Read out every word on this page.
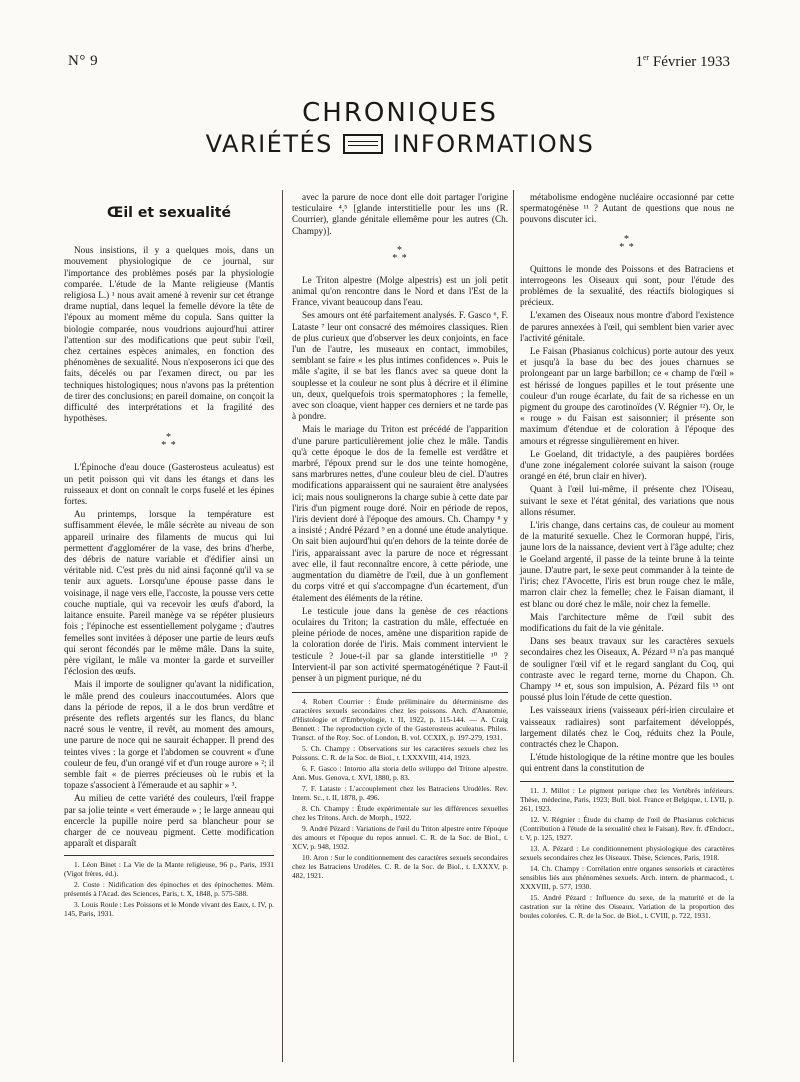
N° 9	1er Février 1933
CHRONIQUES
VARIÉTÉS	INFORMATIONS
Œil et sexualité

Nous insistions, il y a quelques mois, dans un mouvement physiologique de ce journal, sur l'importance des problèmes posés par la physiologie comparée. L'étude de la Mante religieuse (Mantis religiosa L.) ¹ nous avait amené à revenir sur cet étrange drame nuptial, dans lequel la femelle dévore la tête de l'époux au moment même du copula. Sans quitter la biologie comparée, nous voudrions aujourd'hui attirer l'attention sur des modifications que peut subir l'œil, chez certaines espèces animales, en fonction des phénomènes de sexualité. Nous n'exposerons ici que des faits, décelés ou par l'examen direct, ou par les techniques histologiques; nous n'avons pas la prétention de tirer des conclusions; en pareil domaine, on conçoit la difficulté des interprétations et la fragilité des hypothèses.

*
* *

L'Épinoche d'eau douce (Gasterosteus aculeatus) est un petit poisson qui vit dans les étangs et dans les ruisseaux et dont on connaît le corps fuselé et les épines fortes.

Au printemps, lorsque la température est suffisamment élevée, le mâle sécrète au niveau de son appareil urinaire des filaments de mucus qui lui permettent d'agglomérer de la vase, des brins d'herbe, des débris de nature variable et d'édifier ainsi un véritable nid. C'est près du nid ainsi façonné qu'il va se tenir aux aguets. Lorsqu'une épouse passe dans le voisinage, il nage vers elle, l'accoste, la pousse vers cette couche nuptiale, qui va recevoir les œufs d'abord, la laitance ensuite. Pareil manège va se répéter plusieurs fois ; l'épinoche est essentiellement polygame ; d'autres femelles sont invitées à déposer une partie de leurs œufs qui seront fécondés par le même mâle. Dans la suite, père vigilant, le mâle va monter la garde et surveiller l'éclosion des œufs.

Mais il importe de souligner qu'avant la nidification, le mâle prend des couleurs inaccoutumées. Alors que dans la période de repos, il a le dos brun verdâtre et présente des reflets argentés sur les flancs, du blanc nacré sous le ventre, il revêt, au moment des amours, une parure de noce qui ne saurait échapper. Il prend des teintes vives : la gorge et l'abdomen se couvrent « d'une couleur de feu, d'un orangé vif et d'un rouge aurore » ²; il semble fait « de pierres précieuses où le rubis et la topaze s'associent à l'émeraude et au saphir » ³.

Au milieu de cette variété des couleurs, l'œil frappe par sa jolie teinte « vert émeraude » ; le large anneau qui encercle la pupille noire perd sa blancheur pour se charger de ce nouveau pigment. Cette modification apparaît et disparaît

1. Léon Binet : La Vie de la Mante religieuse, 96 p., Paris, 1931 (Vigot frères, éd.).

2. Coste : Nidification des épinoches et des épinochettes. Mém. présentés à l'Acad. des Sciences, Paris, t. X, 1848, p. 575-588.

3. Louis Roule : Les Poissons et le Monde vivant des Eaux, t. IV, p. 145, Paris, 1931.

avec la parure de noce dont elle doit partager l'origine testiculaire ⁴,⁵ [glande interstitielle pour les uns (R. Courrier), glande génitale ellemême pour les autres (Ch. Champy)].

*
* *

Le Triton alpestre (Molge alpestris) est un joli petit animal qu'on rencontre dans le Nord et dans l'Est de la France, vivant beaucoup dans l'eau.

Ses amours ont été parfaitement analysés. F. Gasco ⁶, F. Lataste ⁷ leur ont consacré des mémoires classiques. Rien de plus curieux que d'observer les deux conjoints, en face l'un de l'autre, les museaux en contact, immobiles, semblant se faire « les plus intimes confidences ». Puis le mâle s'agite, il se bat les flancs avec sa queue dont la souplesse et la couleur ne sont plus à décrire et il élimine un, deux, quelquefois trois spermatophores ; la femelle, avec son cloaque, vient happer ces derniers et ne tarde pas à pondre.

Mais le mariage du Triton est précédé de l'apparition d'une parure particulièrement jolie chez le mâle. Tandis qu'à cette époque le dos de la femelle est verdâtre et marbré, l'époux prend sur le dos une teinte homogène, sans marbrures nettes, d'une couleur bleu de ciel. D'autres modifications apparaissent qui ne sauraient être analysées ici; mais nous soulignerons la charge subie à cette date par l'iris d'un pigment rouge doré. Noir en période de repos, l'iris devient doré à l'époque des amours. Ch. Champy ⁸ y a insisté ; André Pézard ⁹ en a donné une étude analytique. On sait bien aujourd'hui qu'en dehors de la teinte dorée de l'iris, apparaissant avec la parure de noce et régressant avec elle, il faut reconnaître encore, à cette période, une augmentation du diamètre de l'œil, due à un gonflement du corps vitré et qui s'accompagne d'un écartement, d'un étalement des éléments de la rétine.

Le testicule joue dans la genèse de ces réactions oculaires du Triton; la castration du mâle, effectuée en pleine période de noces, amène une disparition rapide de la coloration dorée de l'iris. Mais comment intervient le testicule ? Joue-t-il par sa glande interstitielle ¹⁰ ? Intervient-il par son activité spermatogénétique ? Faut-il penser à un pigment purique, né du

4. Robert Courrier : Étude préliminaire du déterminisme des caractères sexuels secondaires chez les poissons. Arch. d'Anatomie, d'Histologie et d'Embryologie, t. II, 1922, p. 115-144. — A. Craig Bennett : The reproduction cycle of the Gasterosteus aculeatus. Philos. Transct. of the Roy. Soc. of London, B. vol. CCXIX, p. 197-279, 1931.

5. Ch. Champy : Observations sur les caractères sexuels chez les Poissons. C. R. de la Soc. de Biol., t. LXXXVIII, 414, 1923.

6. F. Gasco : Intorno alla storia dello sviluppo del Tritone alpestre. Ann. Mus. Genova, t. XVI, 1880, p. 83.

7. F. Lataste : L'accouplement chez les Batraciens Urodèles. Rev. Intern. Sc., t. II, 1878, p. 496.

8. Ch. Champy : Étude expérimentale sur les différences sexuelles chez les Tritons. Arch. de Morph., 1922.

9. André Pézard : Variations de l'œil du Triton alpestre entre l'époque des amours et l'époque du repos annuel. C. R. de la Soc. de Biol., t. XCV, p. 948, 1932.

10. Aron : Sur le conditionnement des caractères sexuels secondaires chez les Batraciens Urodèles. C. R. de la Soc. de Biol., t. LXXXV, p. 482, 1921.

métabolisme endogène nucléaire occasionné par cette spermatogénèse ¹¹ ? Autant de questions que nous ne pouvons discuter ici.

*
* *

Quittons le monde des Poissons et des Batraciens et interrogeons les Oiseaux qui sont, pour l'étude des problèmes de la sexualité, des réactifs biologiques si précieux.

L'examen des Oiseaux nous montre d'abord l'existence de parures annexées à l'œil, qui semblent bien varier avec l'activité génitale.

Le Faisan (Phasianus colchicus) porte autour des yeux et jusqu'à la base du bec des joues charnues se prolongeant par un large barbillon; ce « champ de l'œil » est hérissé de longues papilles et le tout présente une couleur d'un rouge écarlate, du fait de sa richesse en un pigment du groupe des carotinoïdes (V. Régnier ¹²). Or, le « rouge » du Faisan est saisonnier; il présente son maximum d'étendue et de coloration à l'époque des amours et régresse singulièrement en hiver.

Le Goeland, dit tridactyle, a des paupières bordées d'une zone inégalement colorée suivant la saison (rouge orangé en été, brun clair en hiver).

Quant à l'œil lui-même, il présente chez l'Oiseau, suivant le sexe et l'état génital, des variations que nous allons résumer.

L'iris change, dans certains cas, de couleur au moment de la maturité sexuelle. Chez le Cormoran huppé, l'iris, jaune lors de la naissance, devient vert à l'âge adulte; chez le Goeland argenté, il passe de la teinte brune à la teinte jaune. D'autre part, le sexe peut commander à la teinte de l'iris; chez l'Avocette, l'iris est brun rouge chez le mâle, marron clair chez la femelle; chez le Faisan diamant, il est blanc ou doré chez le mâle, noir chez la femelle.

Mais l'architecture même de l'œil subit des modifications du fait de la vie génitale.

Dans ses beaux travaux sur les caractères sexuels secondaires chez les Oiseaux, A. Pézard ¹³ n'a pas manqué de souligner l'œil vif et le regard sanglant du Coq, qui contraste avec le regard terne, morne du Chapon. Ch. Champy ¹⁴ et, sous son impulsion, A. Pézard fils ¹⁵ ont poussé plus loin l'étude de cette question.

Les vaisseaux iriens (vaisseaux péri-irien circulaire et vaisseaux radiaires) sont parfaitement développés, largement dilatés chez le Coq, réduits chez la Poule, contractés chez le Chapon.

L'étude histologique de la rétine montre que les boules qui entrent dans la constitution de

11. J. Millot : Le pigment purique chez les Vertébrés inférieurs. Thèse, médecine, Paris, 1923; Bull. biol. France et Belgique, t. LVII, p. 261, 1923.

12. V. Régnier : Étude du champ de l'œil de Phasianus colchicus (Contribution à l'étude de la sexualité chez le Faisan). Rev. fr. d'Endocr., t. V, p. 125, 1927.

13. A. Pézard : Le conditionnement physiologique des caractères sexuels secondaires chez les Oiseaux. Thèse, Sciences, Paris, 1918.

14. Ch. Champy : Corrélation entre organes sensoriels et caractères sensibles liés aux phénomènes sexuels. Arch. intern. de pharmacod., t. XXXVIII, p. 577, 1930.

15. André Pézard : Influence du sexe, de la maturité et de la castration sur la rétine des Oiseaux. Variation de la proportion des boules colorées. C. R. de la Soc. de Biol., t. CVIII, p. 722, 1931.
